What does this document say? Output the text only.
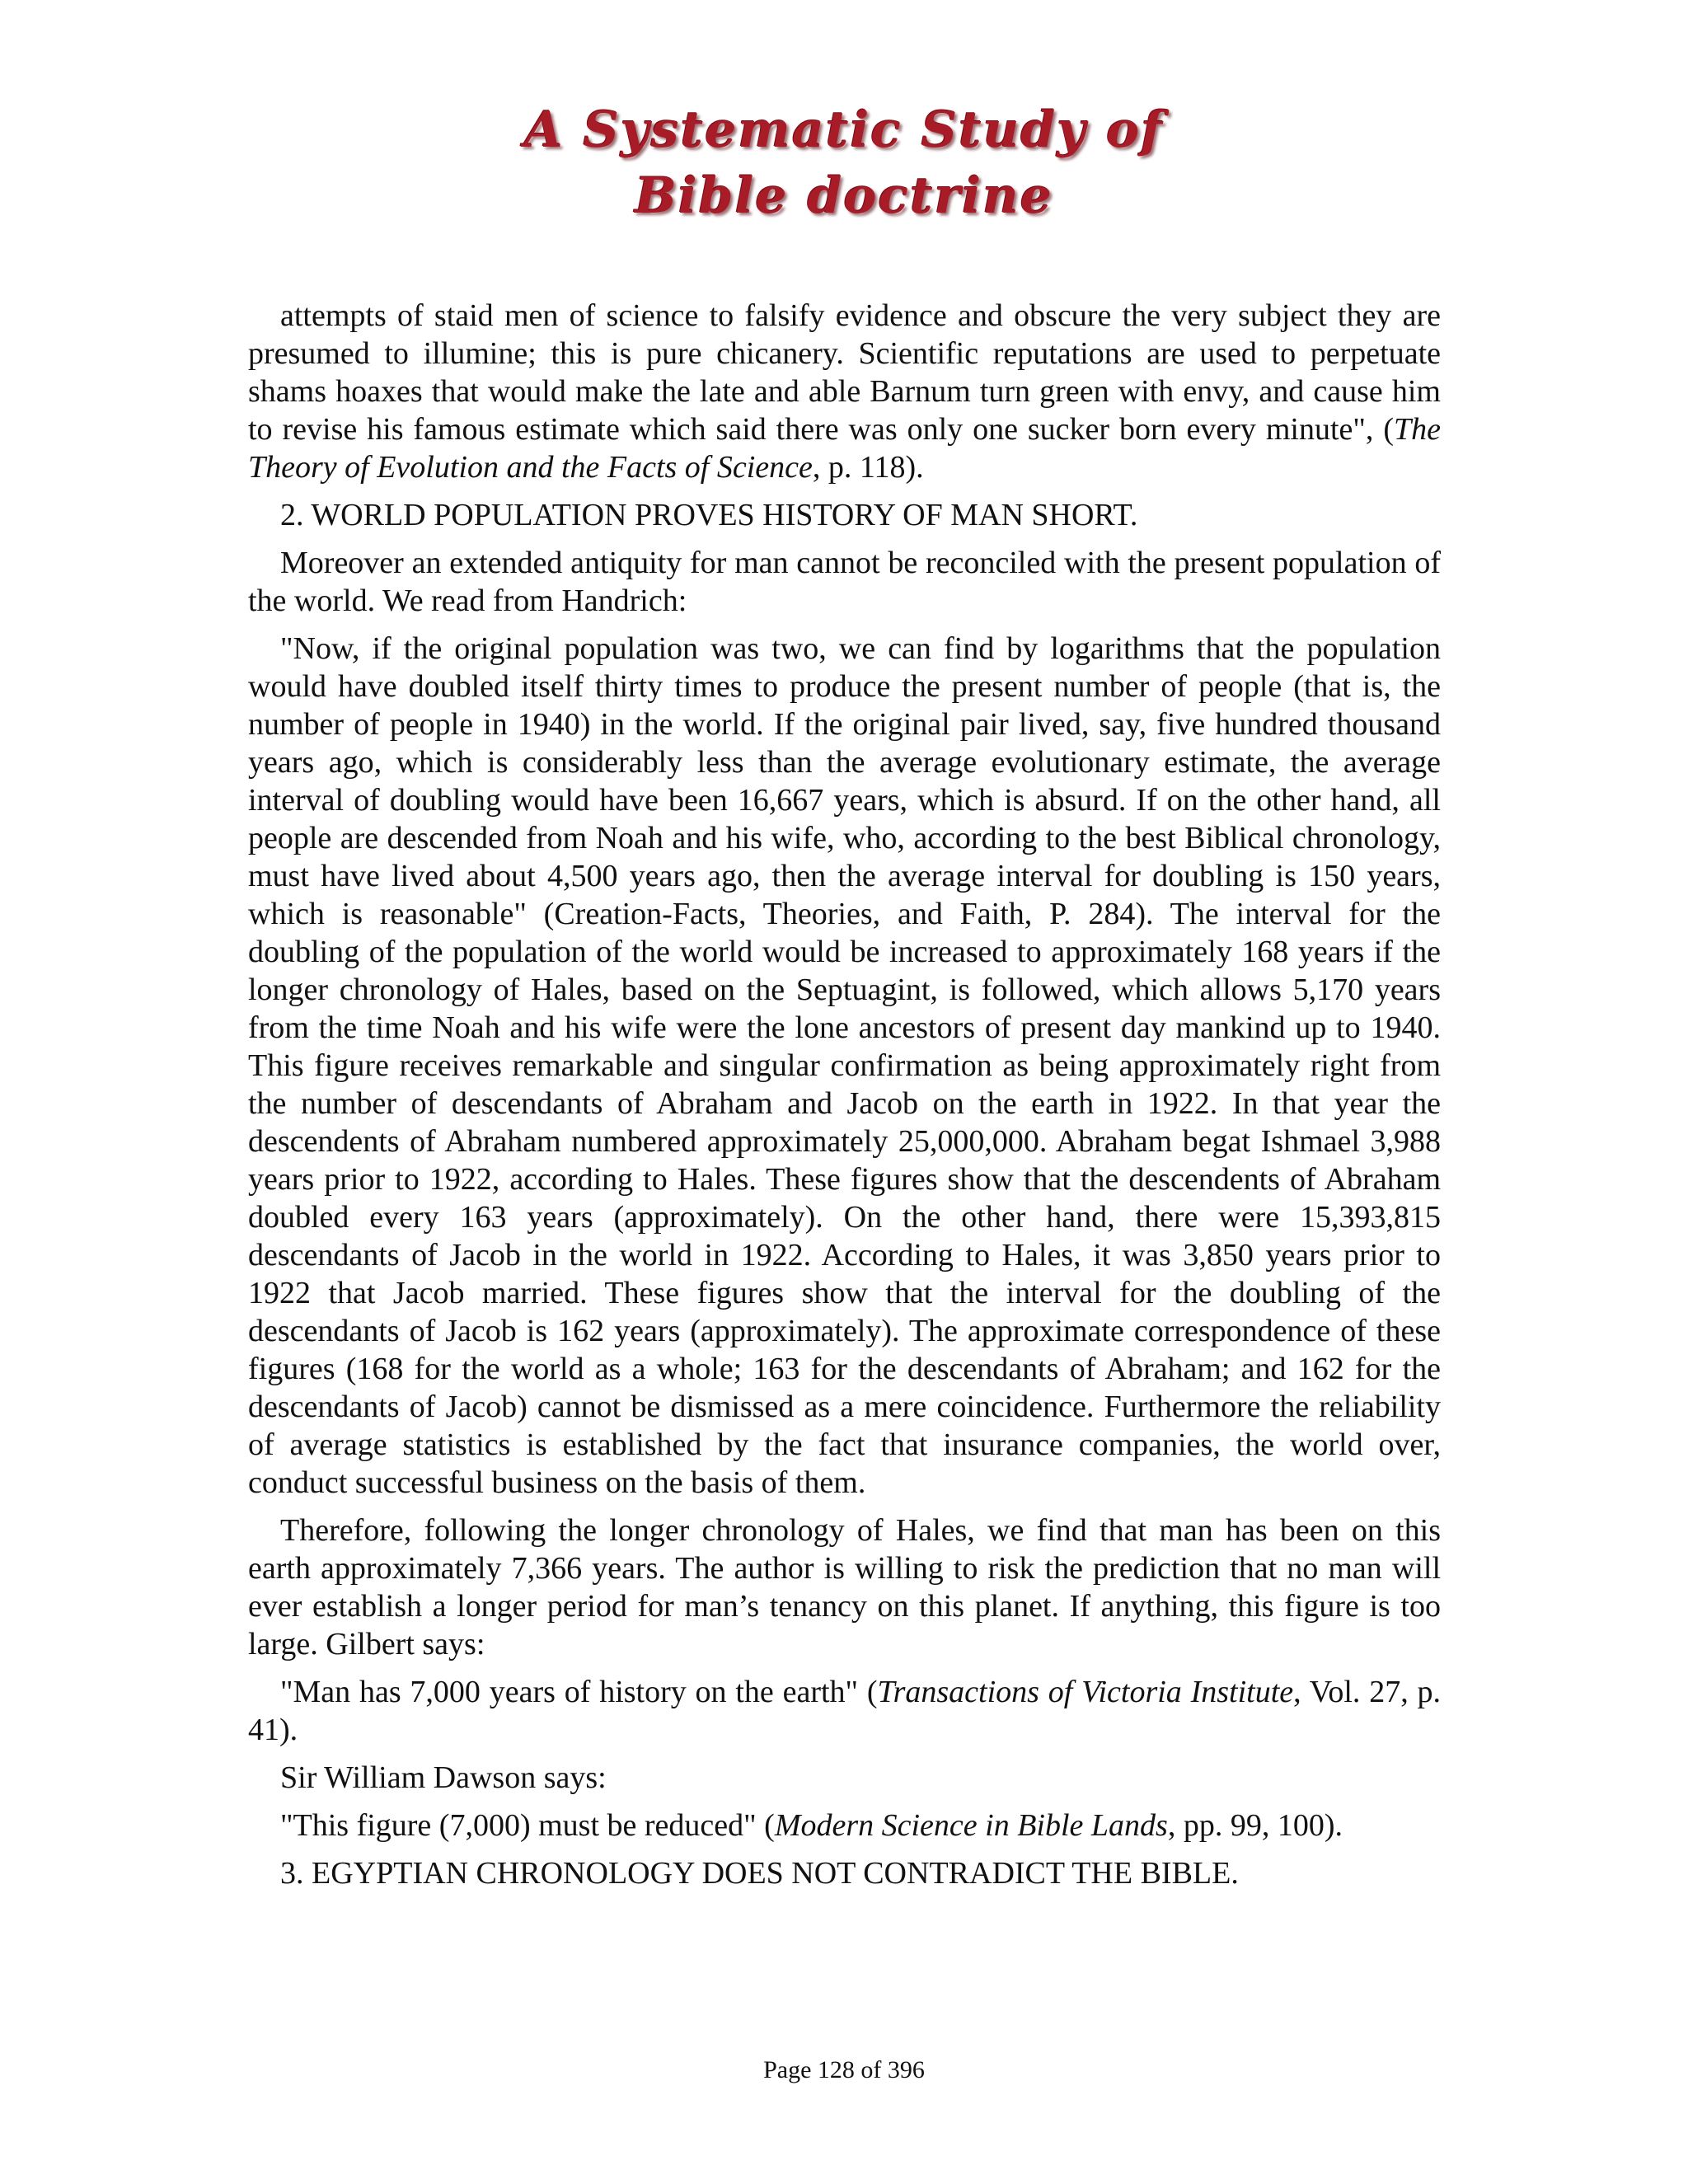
A Systematic Study of
Bible doctrine

attempts of staid men of science to falsify evidence and obscure the very subject they are presumed to illumine; this is pure chicanery. Scientific reputations are used to perpetuate shams hoaxes that would make the late and able Barnum turn green with envy, and cause him to revise his famous estimate which said there was only one sucker born every minute", (The Theory of Evolution and the Facts of Science, p. 118).

2. WORLD POPULATION PROVES HISTORY OF MAN SHORT.

Moreover an extended antiquity for man cannot be reconciled with the present population of the world. We read from Handrich:

"Now, if the original population was two, we can find by logarithms that the population would have doubled itself thirty times to produce the present number of people (that is, the number of people in 1940) in the world. If the original pair lived, say, five hundred thousand years ago, which is considerably less than the average evolutionary estimate, the average interval of doubling would have been 16,667 years, which is absurd. If on the other hand, all people are descended from Noah and his wife, who, according to the best Biblical chronology, must have lived about 4,500 years ago, then the average interval for doubling is 150 years, which is reasonable" (Creation-Facts, Theories, and Faith, P. 284). The interval for the doubling of the population of the world would be increased to approximately 168 years if the longer chronology of Hales, based on the Septuagint, is followed, which allows 5,170 years from the time Noah and his wife were the lone ancestors of present day mankind up to 1940. This figure receives remarkable and singular confirmation as being approximately right from the number of descendants of Abraham and Jacob on the earth in 1922. In that year the descendents of Abraham numbered approximately 25,000,000. Abraham begat Ishmael 3,988 years prior to 1922, according to Hales. These figures show that the descendents of Abraham doubled every 163 years (approximately). On the other hand, there were 15,393,815 descendants of Jacob in the world in 1922. According to Hales, it was 3,850 years prior to 1922 that Jacob married. These figures show that the interval for the doubling of the descendants of Jacob is 162 years (approximately). The approximate correspondence of these figures (168 for the world as a whole; 163 for the descendants of Abraham; and 162 for the descendants of Jacob) cannot be dismissed as a mere coincidence. Furthermore the reliability of average statistics is established by the fact that insurance companies, the world over, conduct successful business on the basis of them.

Therefore, following the longer chronology of Hales, we find that man has been on this earth approximately 7,366 years. The author is willing to risk the prediction that no man will ever establish a longer period for man’s tenancy on this planet. If anything, this figure is too large. Gilbert says:

"Man has 7,000 years of history on the earth" (Transactions of Victoria Institute, Vol. 27, p. 41).

Sir William Dawson says:

"This figure (7,000) must be reduced" (Modern Science in Bible Lands, pp. 99, 100).

3. EGYPTIAN CHRONOLOGY DOES NOT CONTRADICT THE BIBLE.

Page 128 of 396
